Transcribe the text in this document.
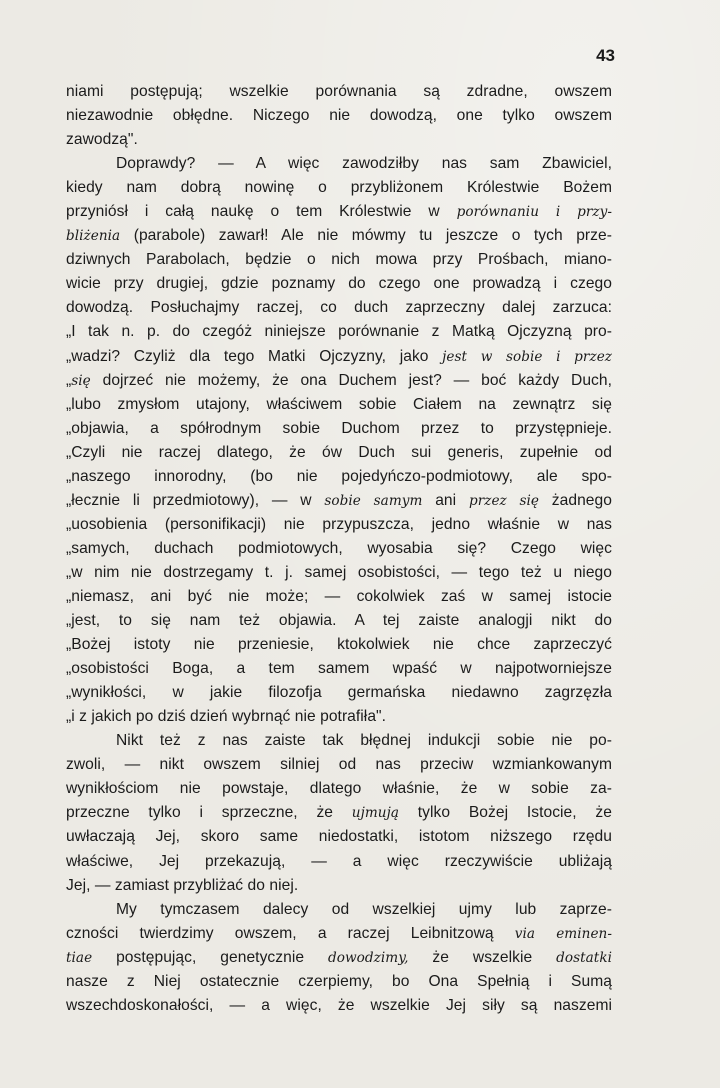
43

niami postępują; wszelkie porównania są zdradne, owszem
niezawodnie obłędne. Niczego nie dowodzą, one tylko owszem
zawodzą".
Doprawdy? — A więc zawodziłby nas sam Zbawiciel,
kiedy nam dobrą nowinę o przybliżonem Królestwie Bożem
przyniósł i całą naukę o tem Królestwie w porównaniu i przy-
bliżenia (parabole) zawarł! Ale nie mówmy tu jeszcze o tych prze-
dziwnych Parabolach, będzie o nich mowa przy Prośbach, miano-
wicie przy drugiej, gdzie poznamy do czego one prowadzą i czego
dowodzą. Posłuchajmy raczej, co duch zaprzeczny dalej zarzuca:
„I tak n. p. do czegóż niniejsze porównanie z Matką Ojczyzną pro-
„wadzi? Czyliż dla tego Matki Ojczyzny, jako jest w sobie i przez
„się dojrzeć nie możemy, że ona Duchem jest? — boć każdy Duch,
„lubo zmysłom utajony, właściwem sobie Ciałem na zewnątrz się
„objawia, a spółrodnym sobie Duchom przez to przystępnieje.
„Czyli nie raczej dlatego, że ów Duch sui generis, zupełnie od
„naszego innorodny, (bo nie pojedyńczo-podmiotowy, ale spo-
„łecznie li przedmiotowy), — w sobie samym ani przez się żadnego
„uosobienia (personifikacji) nie przypuszcza, jedno właśnie w nas
„samych, duchach podmiotowych, wyosabia się? Czego więc
„w nim nie dostrzegamy t. j. samej osobistości, — tego też u niego
„niemasz, ani być nie może; — cokolwiek zaś w samej istocie
„jest, to się nam też objawia. A tej zaiste analogji nikt do
„Bożej istoty nie przeniesie, ktokolwiek nie chce zaprzeczyć
„osobistości Boga, a tem samem wpaść w najpotworniejsze
„wynikłości, w jakie filozofja germańska niedawno zagrzęzła
„i z jakich po dziś dzień wybrnąć nie potrafiła".
Nikt też z nas zaiste tak błędnej indukcji sobie nie po-
zwoli, — nikt owszem silniej od nas przeciw wzmiankowanym
wynikłościom nie powstaje, dlatego właśnie, że w sobie za-
przeczne tylko i sprzeczne, że ujmują tylko Bożej Istocie, że
uwłaczają Jej, skoro same niedostatki, istotom niższego rzędu
właściwe, Jej przekazują, — a więc rzeczywiście ubliżają
Jej, — zamiast przybliżać do niej.
My tymczasem dalecy od wszelkiej ujmy lub zaprze-
czności twierdzimy owszem, a raczej Leibnitzową via eminen-
tiae postępując, genetycznie dowodzimy, że wszelkie dostatki
nasze z Niej ostatecznie czerpiemy, bo Ona Spełnią i Sumą
wszechdoskonałości, — a więc, że wszelkie Jej siły są naszemi
